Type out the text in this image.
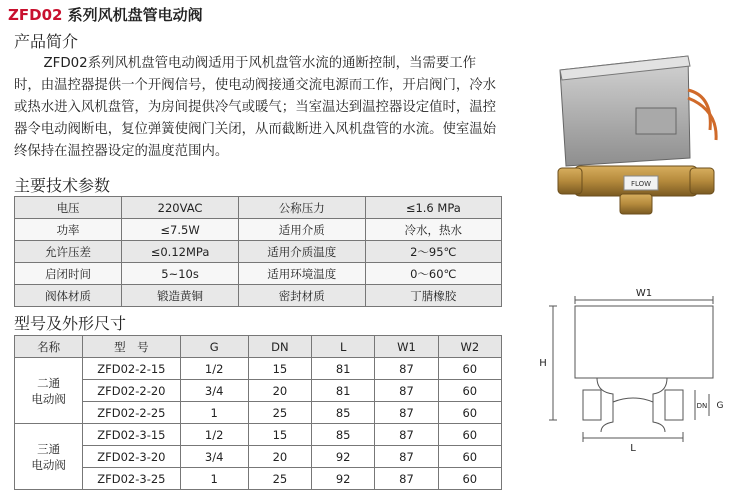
ZFD02 系列风机盘管电动阀
产品简介

ZFD02系列风机盘管电动阀适用于风机盘管水流的通断控制，当需要工作时，由温控器提供一个开阀信号，使电动阀接通交流电源而工作，开启阀门，冷水或热水进入风机盘管，为房间提供冷气或暖气；当室温达到温控器设定值时，温控器令电动阀断电，复位弹簧使阀门关闭，从而截断进入风机盘管的水流。使室温始终保持在温控器设定的温度范围内。

主要技术参数
电压	220VAC	公称压力	≤1.6 MPa
功率	≤7.5W	适用介质	冷水，热水
允许压差	≤0.12MPa	适用介质温度	2～95℃
启闭时间	5~10s	适用环境温度	0～60℃
阀体材质	锻造黄铜	密封材质	丁腈橡胶
型号及外形尺寸
名称	型　号	G	DN	L	W1	W2
二通
电动阀	ZFD02-2-15	1/2	15	81	87	60
	ZFD02-2-20	3/4	20	81	87	60
	ZFD02-2-25	1	25	85	87	60
三通
电动阀	ZFD02-3-15	1/2	15	85	87	60
	ZFD02-3-20	3/4	20	92	87	60
	ZFD02-3-25	1	25	92	87	60
FLOW
W1
H
L
DN G
